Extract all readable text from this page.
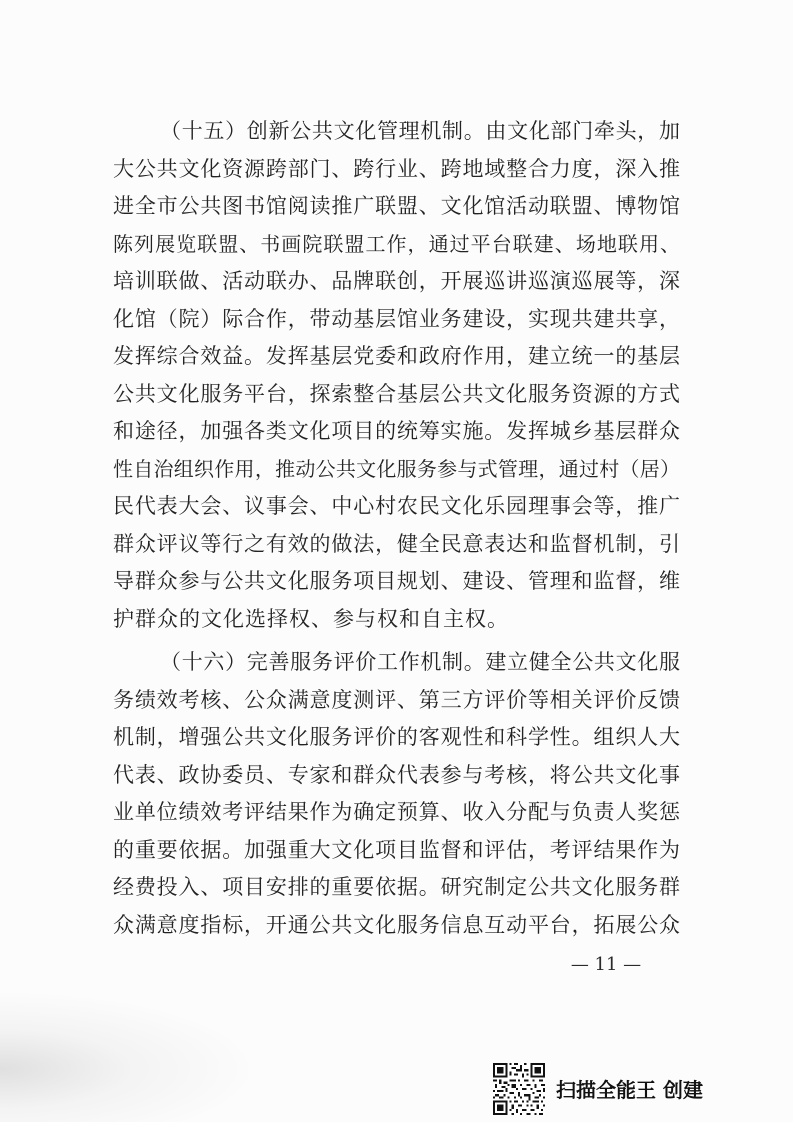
（十五）创新公共文化管理机制。由文化部门牵头，加
大公共文化资源跨部门、跨行业、跨地域整合力度，深入推
进全市公共图书馆阅读推广联盟、文化馆活动联盟、博物馆
陈列展览联盟、书画院联盟工作，通过平台联建、场地联用、
培训联做、活动联办、品牌联创，开展巡讲巡演巡展等，深
化馆（院）际合作，带动基层馆业务建设，实现共建共享，
发挥综合效益。发挥基层党委和政府作用，建立统一的基层
公共文化服务平台，探索整合基层公共文化服务资源的方式
和途径，加强各类文化项目的统筹实施。发挥城乡基层群众
性自治组织作用，推动公共文化服务参与式管理，通过村（居）
民代表大会、议事会、中心村农民文化乐园理事会等，推广
群众评议等行之有效的做法，健全民意表达和监督机制，引
导群众参与公共文化服务项目规划、建设、管理和监督，维
护群众的文化选择权、参与权和自主权。
（十六）完善服务评价工作机制。建立健全公共文化服
务绩效考核、公众满意度测评、第三方评价等相关评价反馈
机制，增强公共文化服务评价的客观性和科学性。组织人大
代表、政协委员、专家和群众代表参与考核，将公共文化事
业单位绩效考评结果作为确定预算、收入分配与负责人奖惩
的重要依据。加强重大文化项目监督和评估，考评结果作为
经费投入、项目安排的重要依据。研究制定公共文化服务群
众满意度指标，开通公共文化服务信息互动平台，拓展公众
— 11 —
扫描全能王 创建
